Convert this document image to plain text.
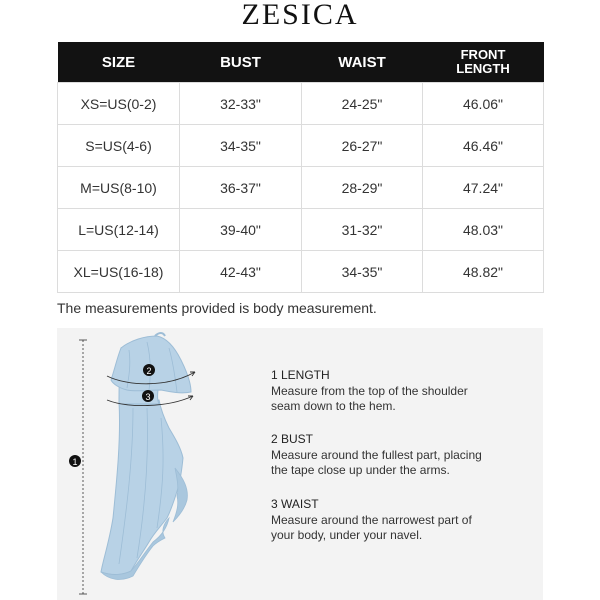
ZESICA
SIZE	BUST	WAIST	FRONT
LENGTH
XS=US(0-2)	32-33"	24-25"	46.06"
S=US(4-6)	34-35"	26-27"	46.46"
M=US(8-10)	36-37"	28-29"	47.24"
L=US(12-14)	39-40"	31-32"	48.03"
XL=US(16-18)	42-43"	34-35"	48.82"
The measurements provided is body measurement.
2
3
1
1 LENGTH
Measure from the top of the shoulder
seam down to the hem.
2 BUST
Measure around the fullest part, placing
the tape close up under the arms.
3 WAIST
Measure around the narrowest part of
your body, under your navel.
